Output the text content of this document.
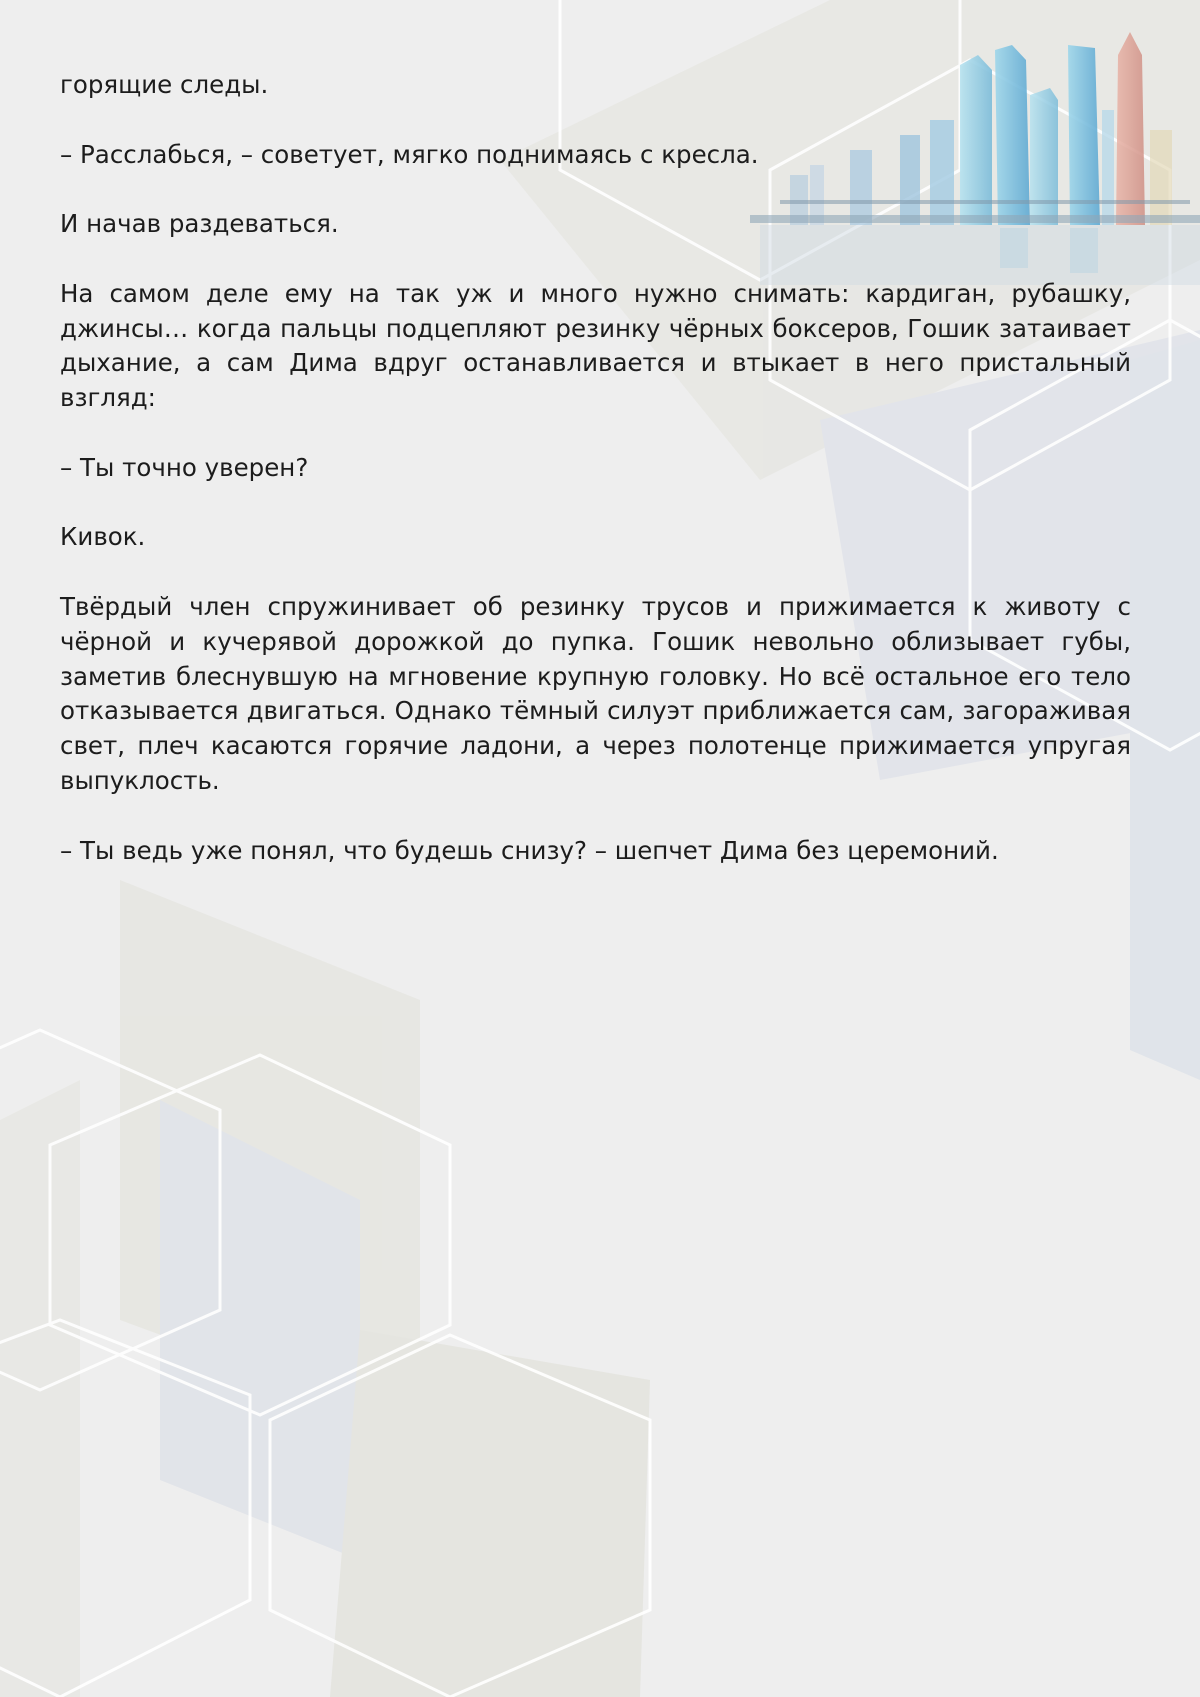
горящие следы.

– Расслабься, – советует, мягко поднимаясь с кресла.

И начав раздеваться.

На самом деле ему на так уж и много нужно снимать: кардиган, рубашку, джинсы… когда пальцы подцепляют резинку чёрных боксеров, Гошик затаивает дыхание, а сам Дима вдруг останавливается и втыкает в него пристальный взгляд:

– Ты точно уверен?

Кивок.

Твёрдый член спружинивает об резинку трусов и прижимается к животу с чёрной и кучерявой дорожкой до пупка. Гошик невольно облизывает губы, заметив блеснувшую на мгновение крупную головку. Но всё остальное его тело отказывается двигаться. Однако тёмный силуэт приближается сам, загораживая свет, плеч касаются горячие ладони, а через полотенце прижимается упругая выпуклость.

– Ты ведь уже понял, что будешь снизу? – шепчет Дима без церемоний.
